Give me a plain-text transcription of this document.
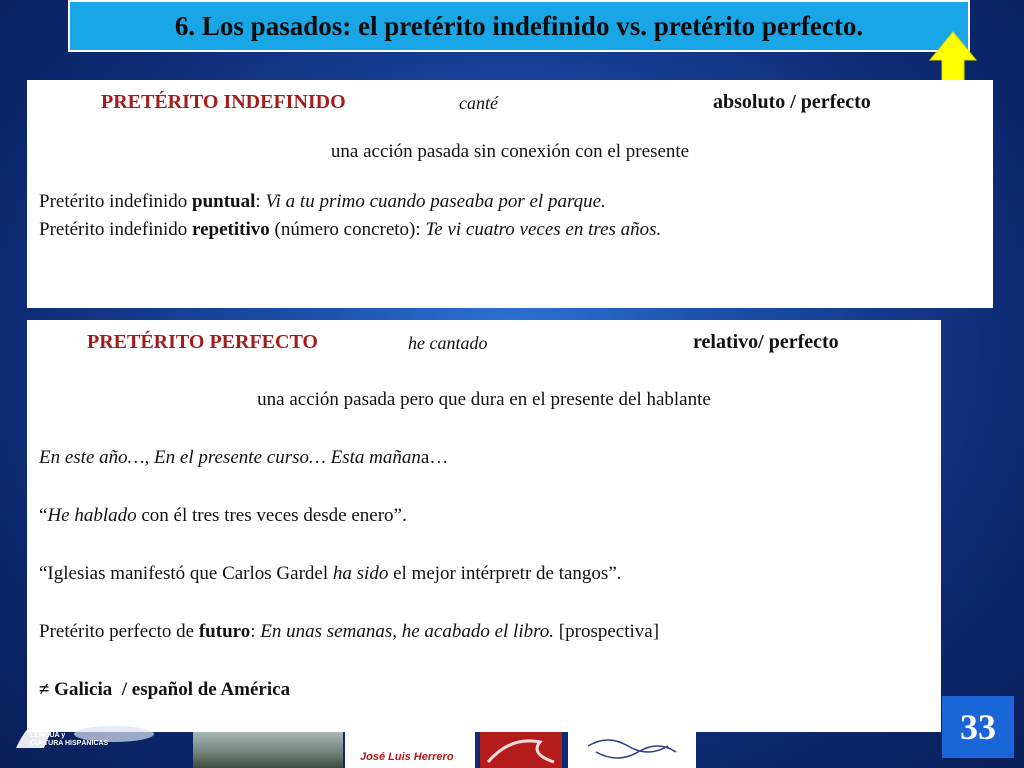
6. Los pasados: el pretérito indefinido vs. pretérito perfecto.
PRETÉRITO INDEFINIDO	canté	absoluto / perfecto
una acción pasada sin conexión con el presente
Pretérito indefinido puntual: Vi a tu primo cuando paseaba por el parque.
Pretérito indefinido repetitivo (número concreto): Te vi cuatro veces en tres años.
PRETÉRITO PERFECTO	he cantado	relativo/ perfecto
una acción pasada pero que dura en el presente del hablante
En este año…, En el presente curso… Esta mañana…
“He hablado con él tres tres veces desde enero”.
“Iglesias manifestó que Carlos Gardel ha sido el mejor intérpretr de tangos”.
Pretérito perfecto de futuro: En unas semanas, he acabado el libro. [prospectiva]
≠ Galicia  / español de América
LENGUA y
CULTURA HISPÁNICAS
José Luis Herrero
33
